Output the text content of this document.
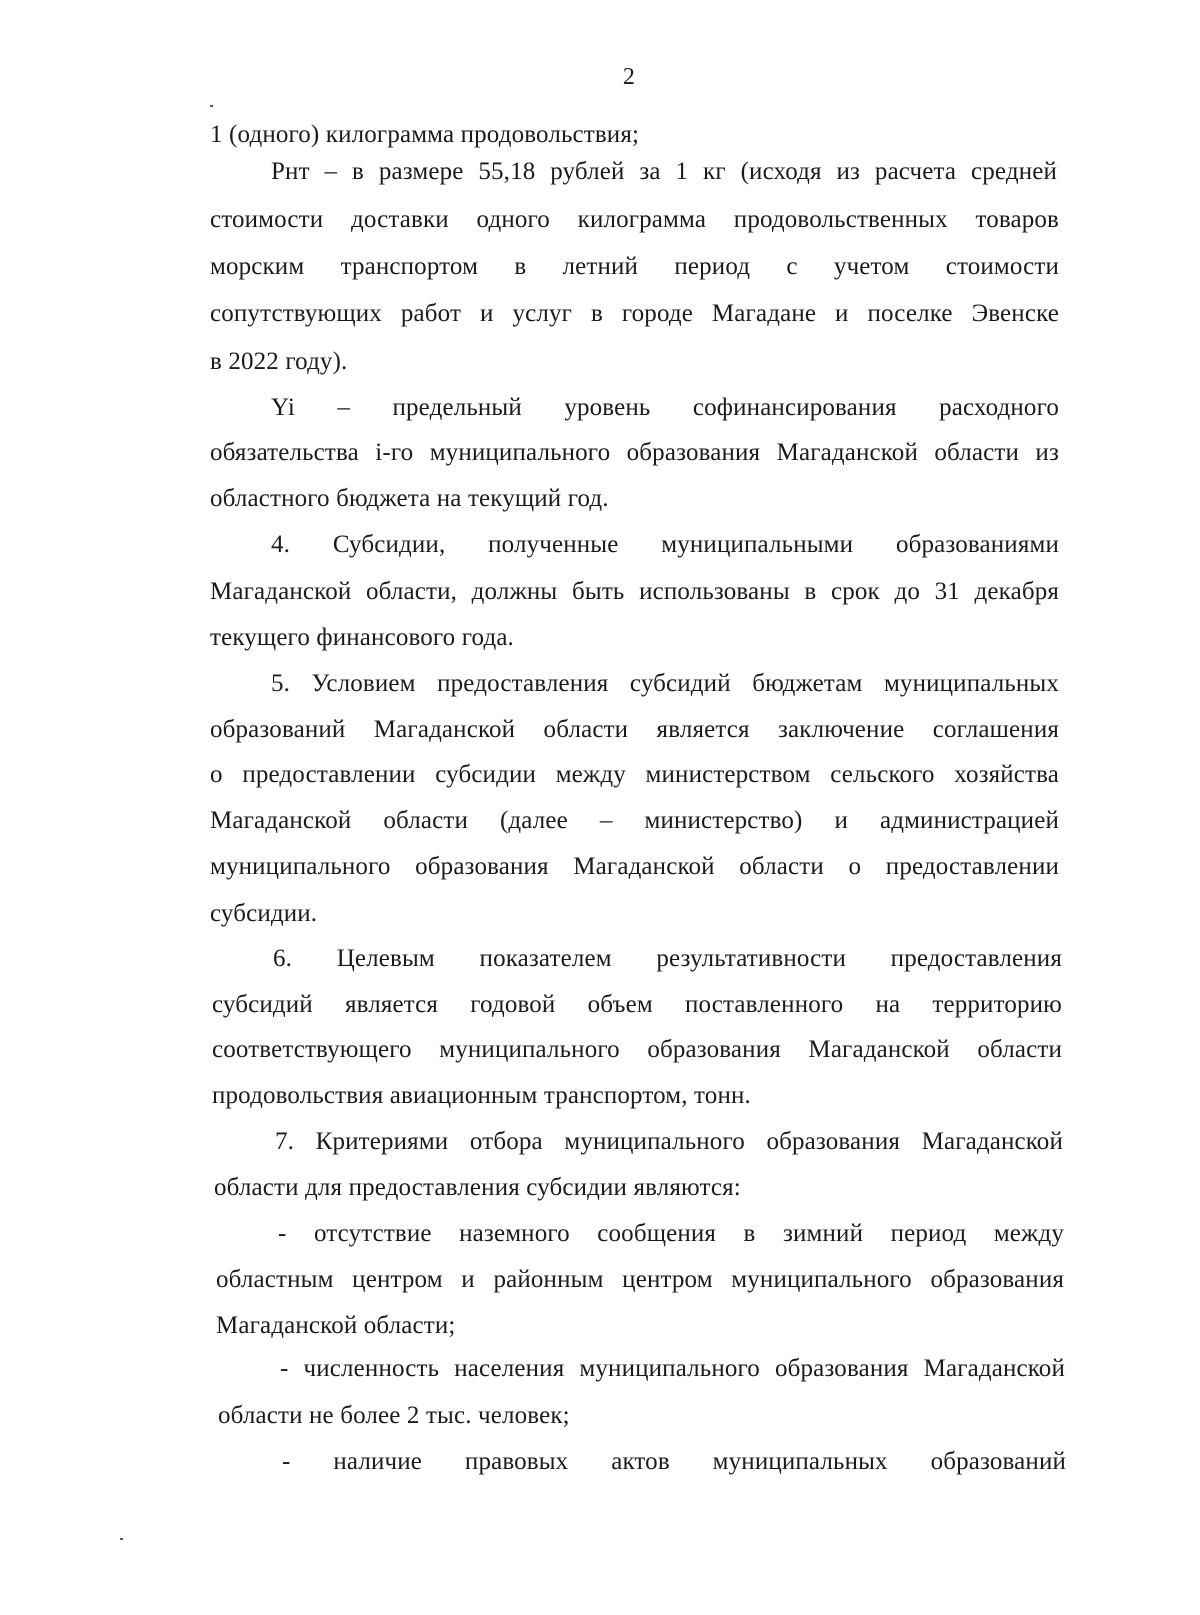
2
1 (одного) килограмма продовольствия;
Рнт – в размере 55,18 рублей за 1 кг (исходя из расчета средней
стоимости доставки одного килограмма продовольственных товаров
морским транспортом в летний период с учетом стоимости
сопутствующих работ и услуг в городе Магадане и поселке Эвенске
в 2022 году).
Yi – предельный уровень софинансирования расходного
обязательства i-го муниципального образования Магаданской области из
областного бюджета на текущий год.
4. Субсидии, полученные муниципальными образованиями
Магаданской области, должны быть использованы в срок до 31 декабря
текущего финансового года.
5. Условием предоставления субсидий бюджетам муниципальных
образований Магаданской области является заключение соглашения
о предоставлении субсидии между министерством сельского хозяйства
Магаданской области (далее – министерство) и администрацией
муниципального образования Магаданской области о предоставлении
субсидии.
6. Целевым показателем результативности предоставления
субсидий является годовой объем поставленного на территорию
соответствующего муниципального образования Магаданской области
продовольствия авиационным транспортом, тонн.
7. Критериями отбора муниципального образования Магаданской
области для предоставления субсидии являются:
- отсутствие наземного сообщения в зимний период между
областным центром и районным центром муниципального образования
Магаданской области;
- численность населения муниципального образования Магаданской
области не более 2 тыс. человек;
- наличие правовых актов муниципальных образований
